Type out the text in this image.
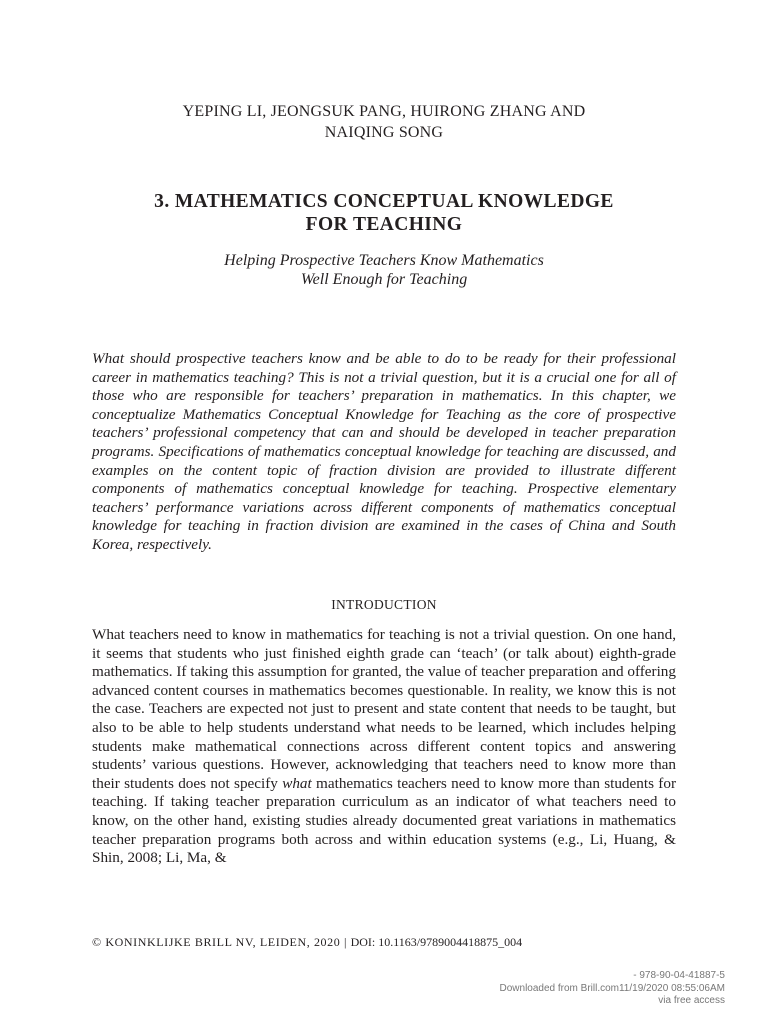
YEPING LI, JEONGSUK PANG, HUIRONG ZHANG AND
NAIQING SONG
3. MATHEMATICS CONCEPTUAL KNOWLEDGE
FOR TEACHING
Helping Prospective Teachers Know Mathematics
Well Enough for Teaching

What should prospective teachers know and be able to do to be ready for their professional career in mathematics teaching? This is not a trivial question, but it is a crucial one for all of those who are responsible for teachers’ preparation in mathematics. In this chapter, we conceptualize Mathematics Conceptual Knowledge for Teaching as the core of prospective teachers’ professional competency that can and should be developed in teacher preparation programs. Specifications of mathematics conceptual knowledge for teaching are discussed, and examples on the content topic of fraction division are provided to illustrate different components of mathematics conceptual knowledge for teaching. Prospective elementary teachers’ performance variations across different components of mathematics conceptual knowledge for teaching in fraction division are examined in the cases of China and South Korea, respectively.

INTRODUCTION

What teachers need to know in mathematics for teaching is not a trivial question. On one hand, it seems that students who just finished eighth grade can ‘teach’ (or talk about) eighth-grade mathematics. If taking this assumption for granted, the value of teacher preparation and offering advanced content courses in mathematics becomes questionable. In reality, we know this is not the case. Teachers are expected not just to present and state content that needs to be taught, but also to be able to help students understand what needs to be learned, which includes helping students make mathematical connections across different content topics and answering students’ various questions. However, acknowledging that teachers need to know more than their students does not specify what mathematics teachers need to know more than students for teaching. If taking teacher preparation curriculum as an indicator of what teachers need to know, on the other hand, existing studies already documented great variations in mathematics teacher preparation programs both across and within education systems (e.g., Li, Huang, & Shin, 2008; Li, Ma, &

© KONINKLIJKE BRILL NV, LEIDEN, 2020 | DOI: 10.1163/9789004418875_004
- 978-90-04-41887-5
Downloaded from Brill.com11/19/2020 08:55:06AM
via free access
